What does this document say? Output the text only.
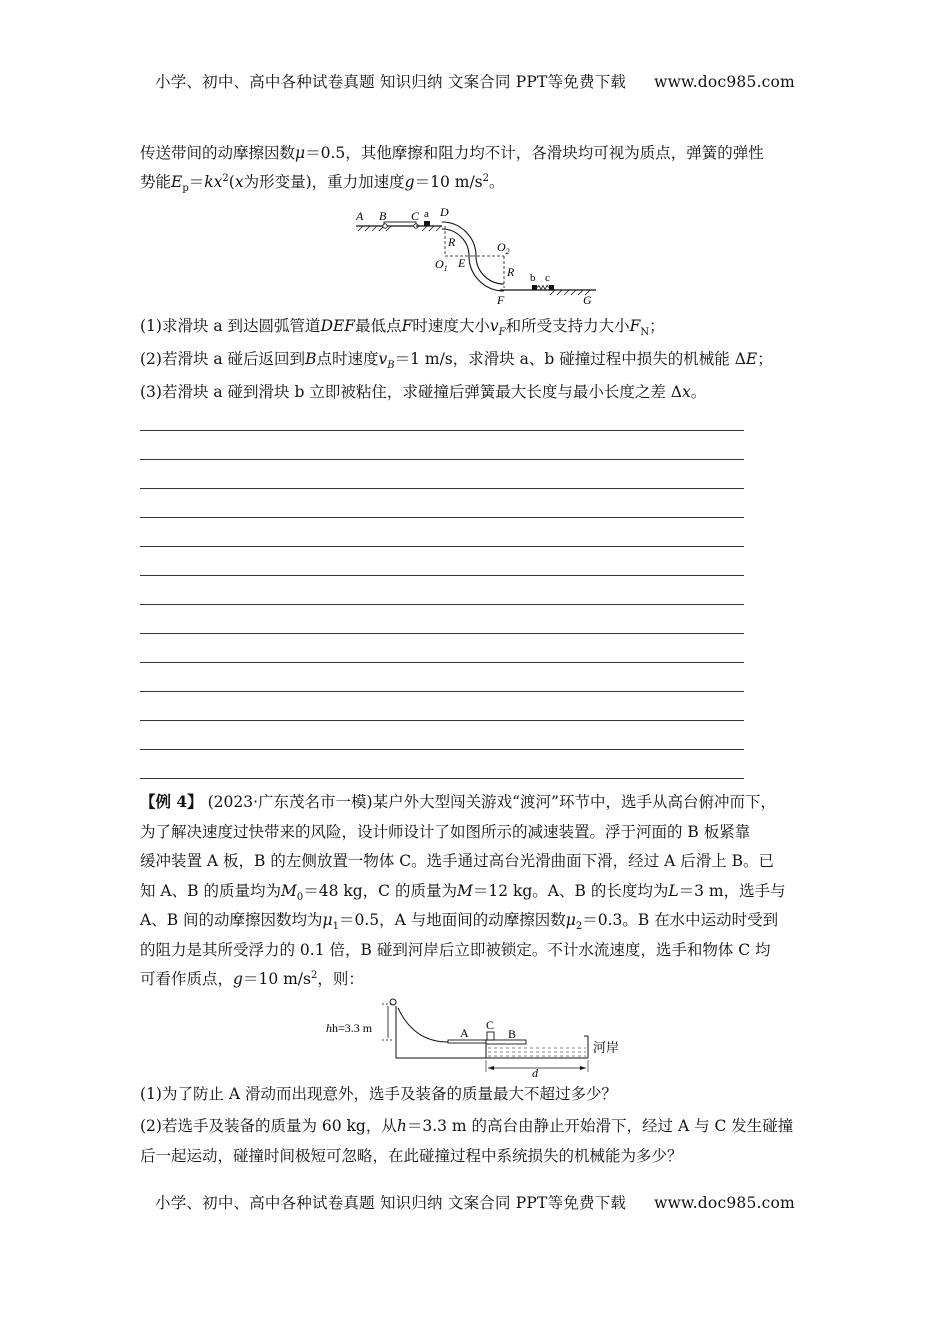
小学、初中、高中各种试卷真题 知识归纳 文案合同 PPT等免费下载 www.doc985.com
传送带间的动摩擦因数μ＝0.5，其他摩擦和阻力均不计，各滑块均可视为质点，弹簧的弹性
势能$E_p=kx^2(x$为形变量)，重力加速度g＝10 $m/s^2$。
A B C a D
R
$O_1$ E
$O_2$
R b c
F	G
(1)求滑块 a 到达圆弧管道DEF最低点F时速度大小$v_F$和所受支持力大小$F_N$；
(2)若滑块 a 碰后返回到B点时速度$v_B=1$ m/s，求滑块 a、b 碰撞过程中损失的机械能 ΔE；
(3)若滑块 a 碰到滑块 b 立即被粘住，求碰撞后弹簧最大长度与最小长度之差 Δx。
【例 4】 (2023·广东茂名市一模)某户外大型闯关游戏“渡河”环节中，选手从高台俯冲而下，
为了解决速度过快带来的风险，设计师设计了如图所示的减速装置。浮于河面的 B 板紧靠
缓冲装置 A 板，B 的左侧放置一物体 C。选手通过高台光滑曲面下滑，经过 A 后滑上 B。已
知 A、B 的质量均为$M_0=48$ kg，C 的质量为M＝12 kg。A、B 的长度均为L＝3 m，选手与
A、B 间的动摩擦因数均为$\mu_1=0.5$，A 与地面间的动摩擦因数$\mu_2=0.3$。B 在水中运动时受到
的阻力是其所受浮力的 0.1 倍，B 碰到河岸后立即被锁定。不计水流速度，选手和物体 C 均
可看作质点，g＝10 $m/s^2$，则：
hh=3.3 m	A
C
B
d
河岸
(1)为了防止 A 滑动而出现意外，选手及装备的质量最大不超过多少？
(2)若选手及装备的质量为 60 kg，从h＝3.3 m 的高台由静止开始滑下，经过 A 与 C 发生碰撞
后一起运动，碰撞时间极短可忽略，在此碰撞过程中系统损失的机械能为多少？
小学、初中、高中各种试卷真题 知识归纳 文案合同 PPT等免费下载 www.doc985.com
